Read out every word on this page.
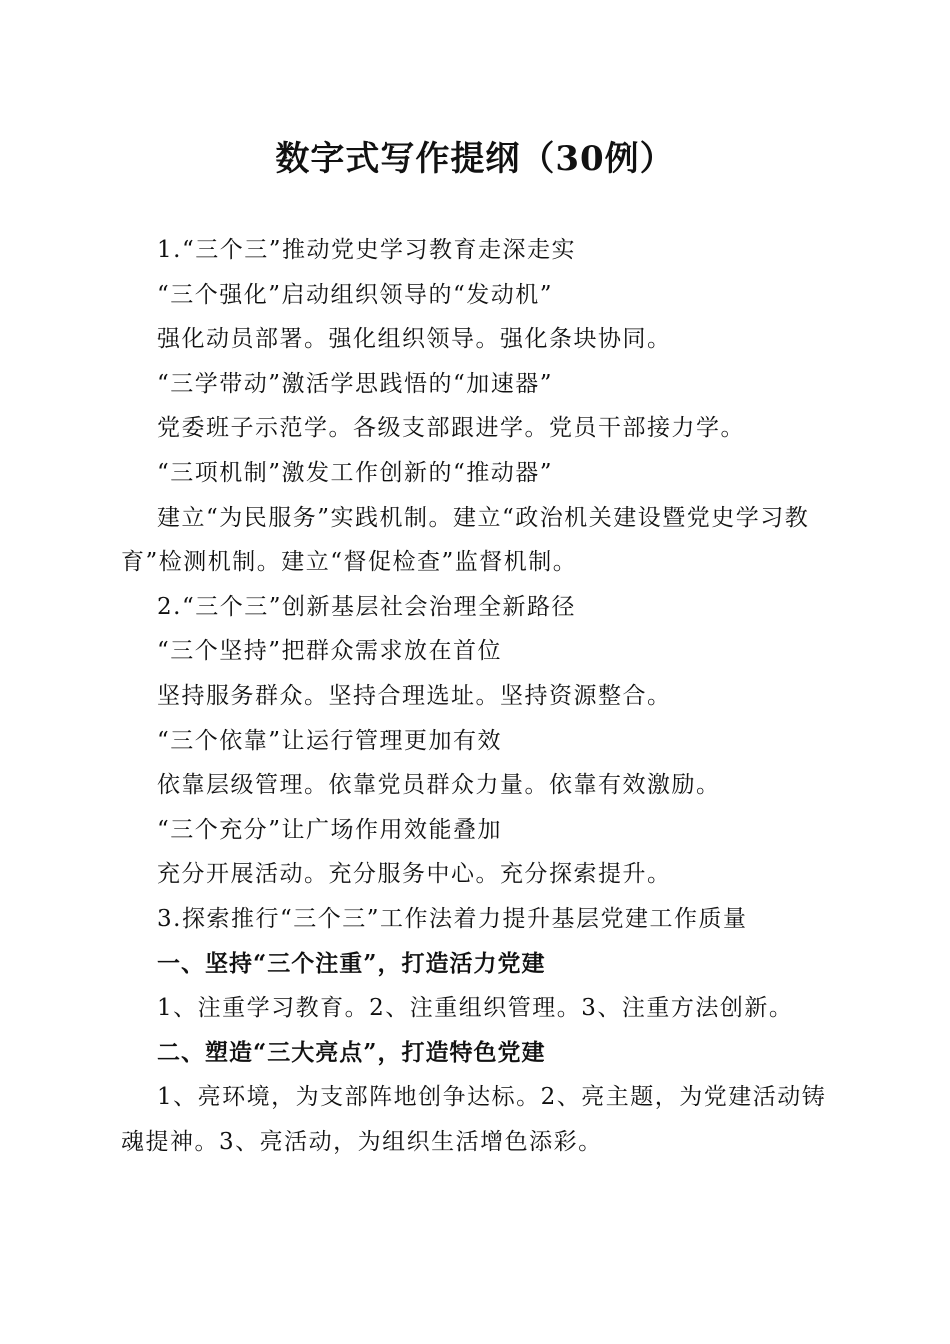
数字式写作提纲（30例）

1.“三个三”推动党史学习教育走深走实

“三个强化”启动组织领导的“发动机”

强化动员部署。强化组织领导。强化条块协同。

“三学带动”激活学思践悟的“加速器”

党委班子示范学。各级支部跟进学。党员干部接力学。

“三项机制”激发工作创新的“推动器”

建立“为民服务”实践机制。建立“政治机关建设暨党史学习教育”检测机制。建立“督促检查”监督机制。

2.“三个三”创新基层社会治理全新路径

“三个坚持”把群众需求放在首位

坚持服务群众。坚持合理选址。坚持资源整合。

“三个依靠”让运行管理更加有效

依靠层级管理。依靠党员群众力量。依靠有效激励。

“三个充分”让广场作用效能叠加

充分开展活动。充分服务中心。充分探索提升。

3.探索推行“三个三”工作法着力提升基层党建工作质量

一、坚持“三个注重”，打造活力党建

1、注重学习教育。2、注重组织管理。3、注重方法创新。

二、塑造“三大亮点”，打造特色党建

1、亮环境，为支部阵地创争达标。2、亮主题，为党建活动铸魂提神。3、亮活动，为组织生活增色添彩。
